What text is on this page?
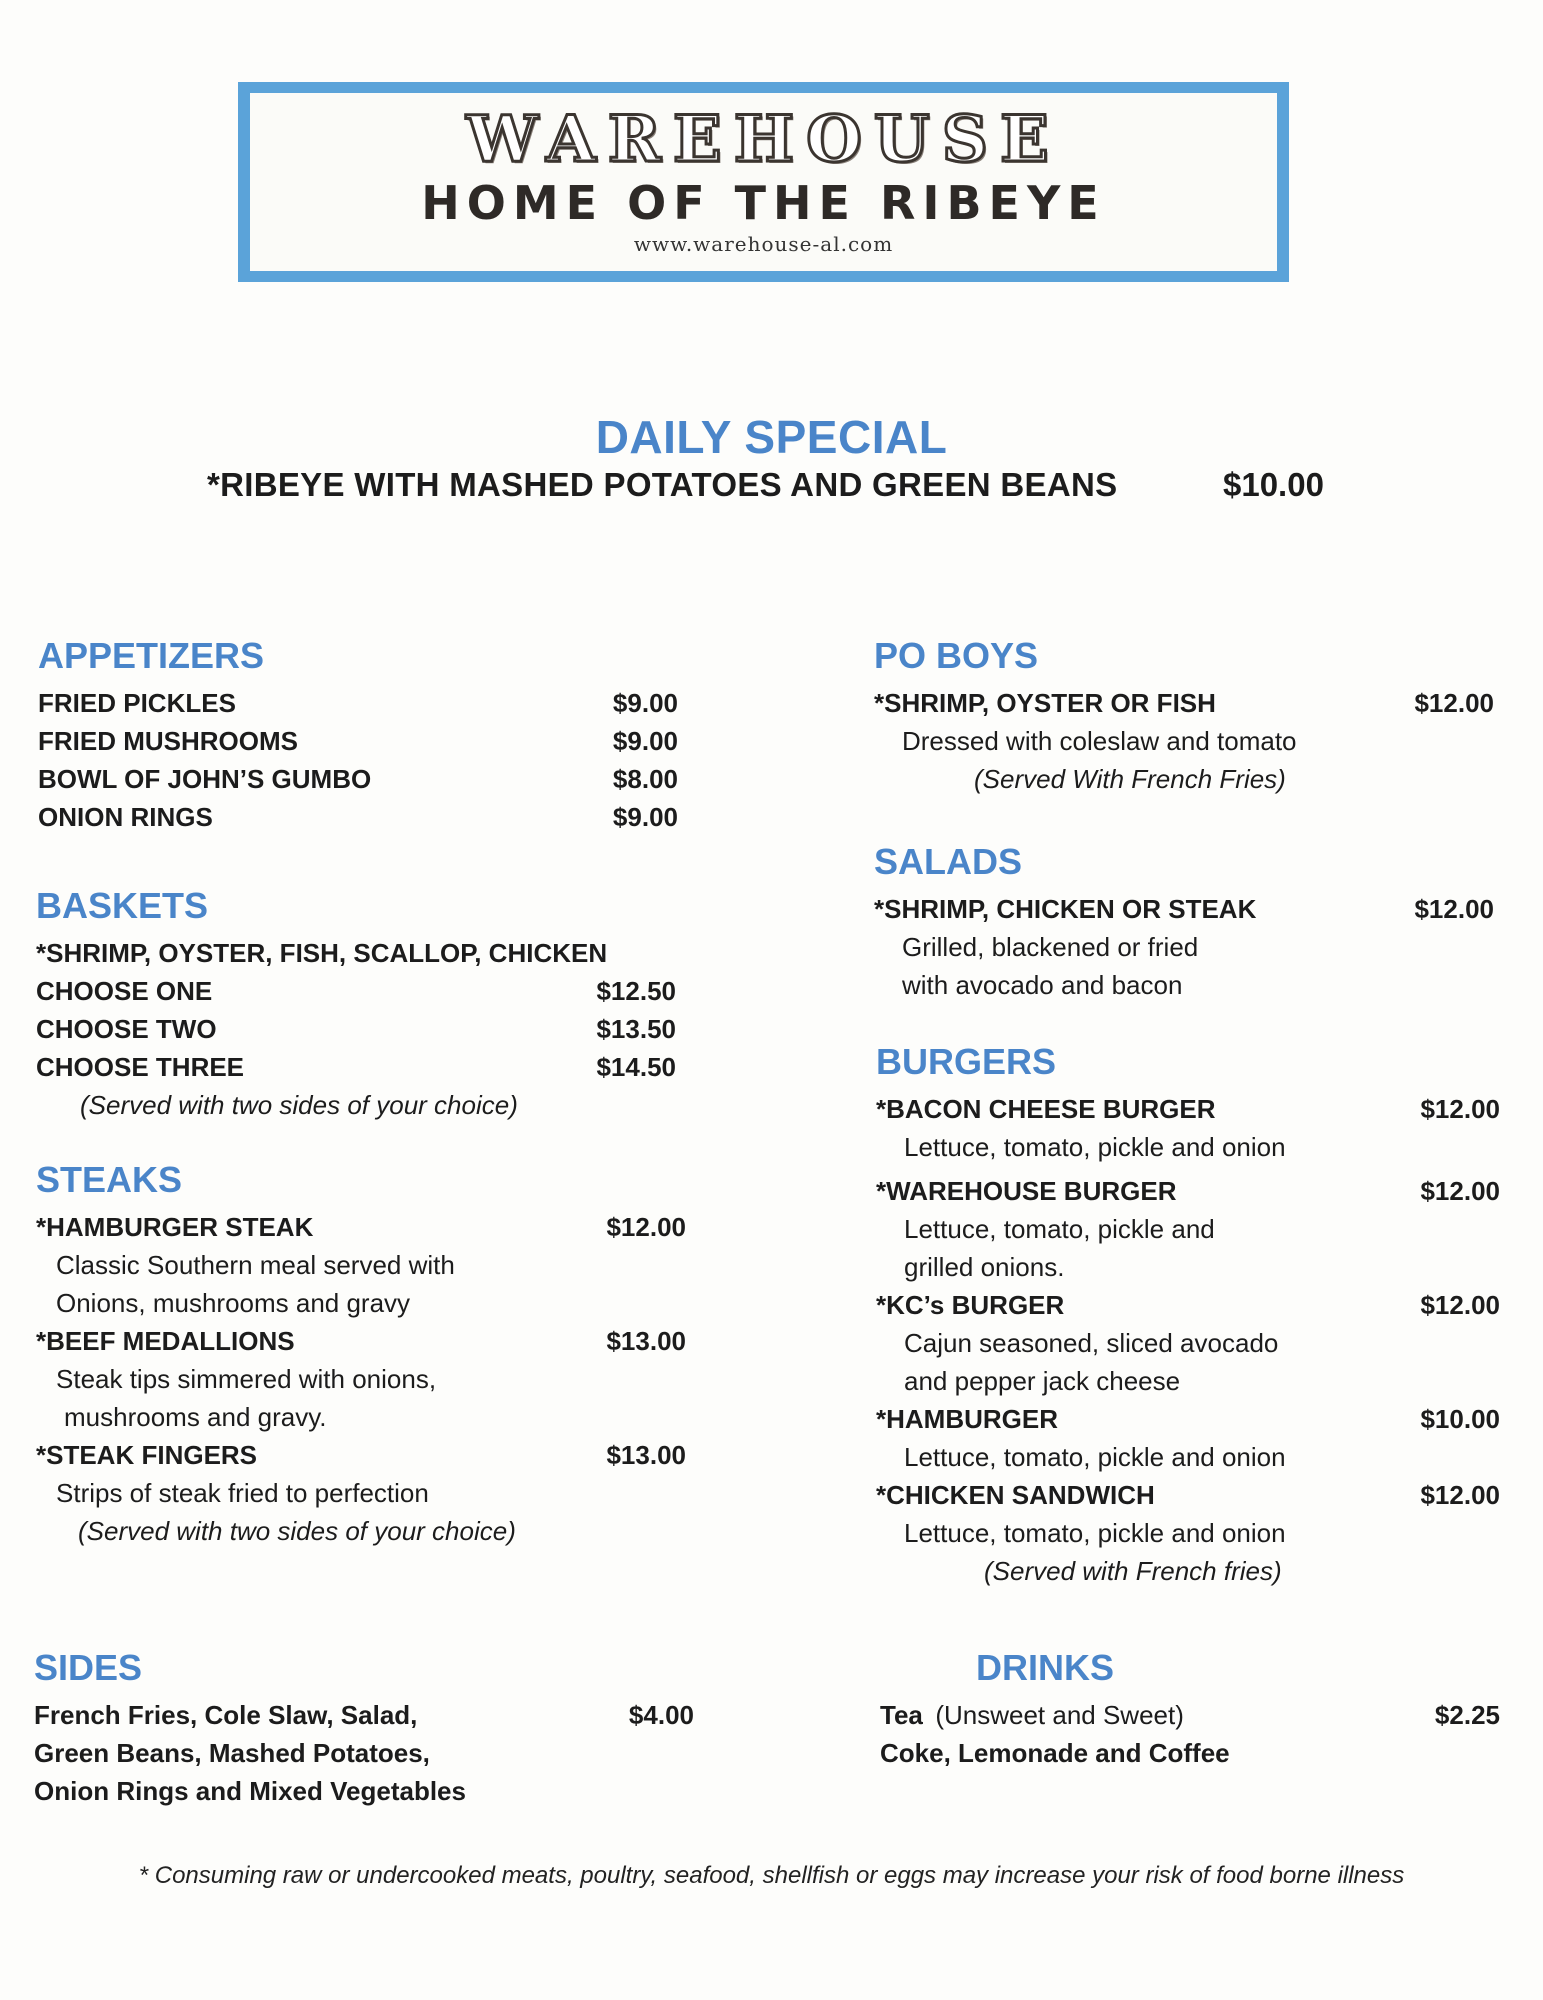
WAREHOUSE
HOME OF THE RIBEYE
www.warehouse-al.com
DAILY SPECIAL
*RIBEYE WITH MASHED POTATOES AND GREEN BEANS	$10.00
APPETIZERS
FRIED PICKLES	$9.00
FRIED MUSHROOMS	$9.00
BOWL OF JOHN’S GUMBO	$8.00
ONION RINGS	$9.00
BASKETS
*SHRIMP, OYSTER, FISH, SCALLOP, CHICKEN
CHOOSE ONE	$12.50
CHOOSE TWO	$13.50
CHOOSE THREE	$14.50
(Served with two sides of your choice)
STEAKS
*HAMBURGER STEAK	$12.00
Classic Southern meal served with
Onions, mushrooms and gravy
*BEEF MEDALLIONS	$13.00
Steak tips simmered with onions,
mushrooms and gravy.
*STEAK FINGERS	$13.00
Strips of steak fried to perfection
(Served with two sides of your choice)
SIDES
French Fries, Cole Slaw, Salad,	$4.00
Green Beans, Mashed Potatoes,
Onion Rings and Mixed Vegetables
PO BOYS
*SHRIMP, OYSTER OR FISH	$12.00
Dressed with coleslaw and tomato
(Served With French Fries)
SALADS
*SHRIMP, CHICKEN OR STEAK	$12.00
Grilled, blackened or fried
with avocado and bacon
BURGERS
*BACON CHEESE BURGER	$12.00
Lettuce, tomato, pickle and onion
*WAREHOUSE BURGER	$12.00
Lettuce, tomato, pickle and
grilled onions.
*KC’s BURGER	$12.00
Cajun seasoned, sliced avocado
and pepper jack cheese
*HAMBURGER	$10.00
Lettuce, tomato, pickle and onion
*CHICKEN SANDWICH	$12.00
Lettuce, tomato, pickle and onion
(Served with French fries)
DRINKS
Tea (Unsweet and Sweet)	$2.25
Coke, Lemonade and Coffee
* Consuming raw or undercooked meats, poultry, seafood, shellfish or eggs may increase your risk of food borne illness
